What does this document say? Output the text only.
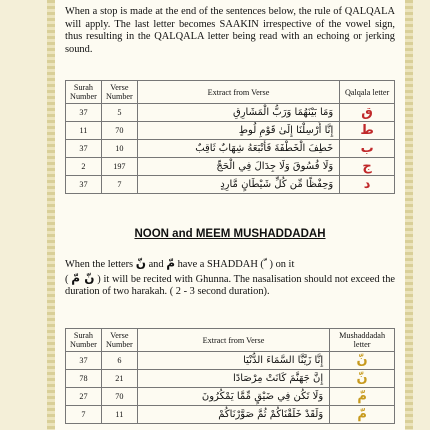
When a stop is made at the end of the sentences below, the rule of QALQALA will apply. The last letter becomes SAAKIN irrespective of the vowel sign, thus resulting in the QALQALA letter being read with an echoing or jerking sound.
Surah Number	Verse Number	Extract from Verse	Qalqala letter
37	5	وَمَا بَيْنَهُمَا وَرَبُّ الْمَشَارِقِ	ق
11	70	إِنَّا أُرْسِلْنَا إِلَىٰ قَوْمِ لُوطٍ	ط
37	10	خَطِفَ الْخَطْفَةَ فَأَتْبَعَهُ شِهَابٌ ثَاقِبٌ	ب
2	197	وَلَا فُسُوقَ وَلَا جِدَالَ فِي الْحَجِّ	ج
37	7	وَحِفْظًا مِّن كُلِّ شَيْطَانٍ مَّارِدٍ	د
NOON and MEEM MUSHADDADAH
When the letters نّ and مّ have a SHADDAH ( ّ ) on it
( نّ مّ ) it will be recited with Ghunna. The nasalisation should not exceed the duration of two harakah. ( 2 - 3 second duration).
Surah Number	Verse Number	Extract from Verse	Mushaddadah letter
37	6	إِنَّا زَيَّنَّا السَّمَاءَ الدُّنْيَا	نّ
78	21	إِنَّ جَهَنَّمَ كَانَتْ مِرْصَادًا	نّ
27	70	وَلَا تَكُن فِي ضَيْقٍ مِّمَّا يَمْكُرُونَ	مّ
7	11	وَلَقَدْ خَلَقْنَاكُمْ ثُمَّ صَوَّرْنَاكُمْ	مّ
